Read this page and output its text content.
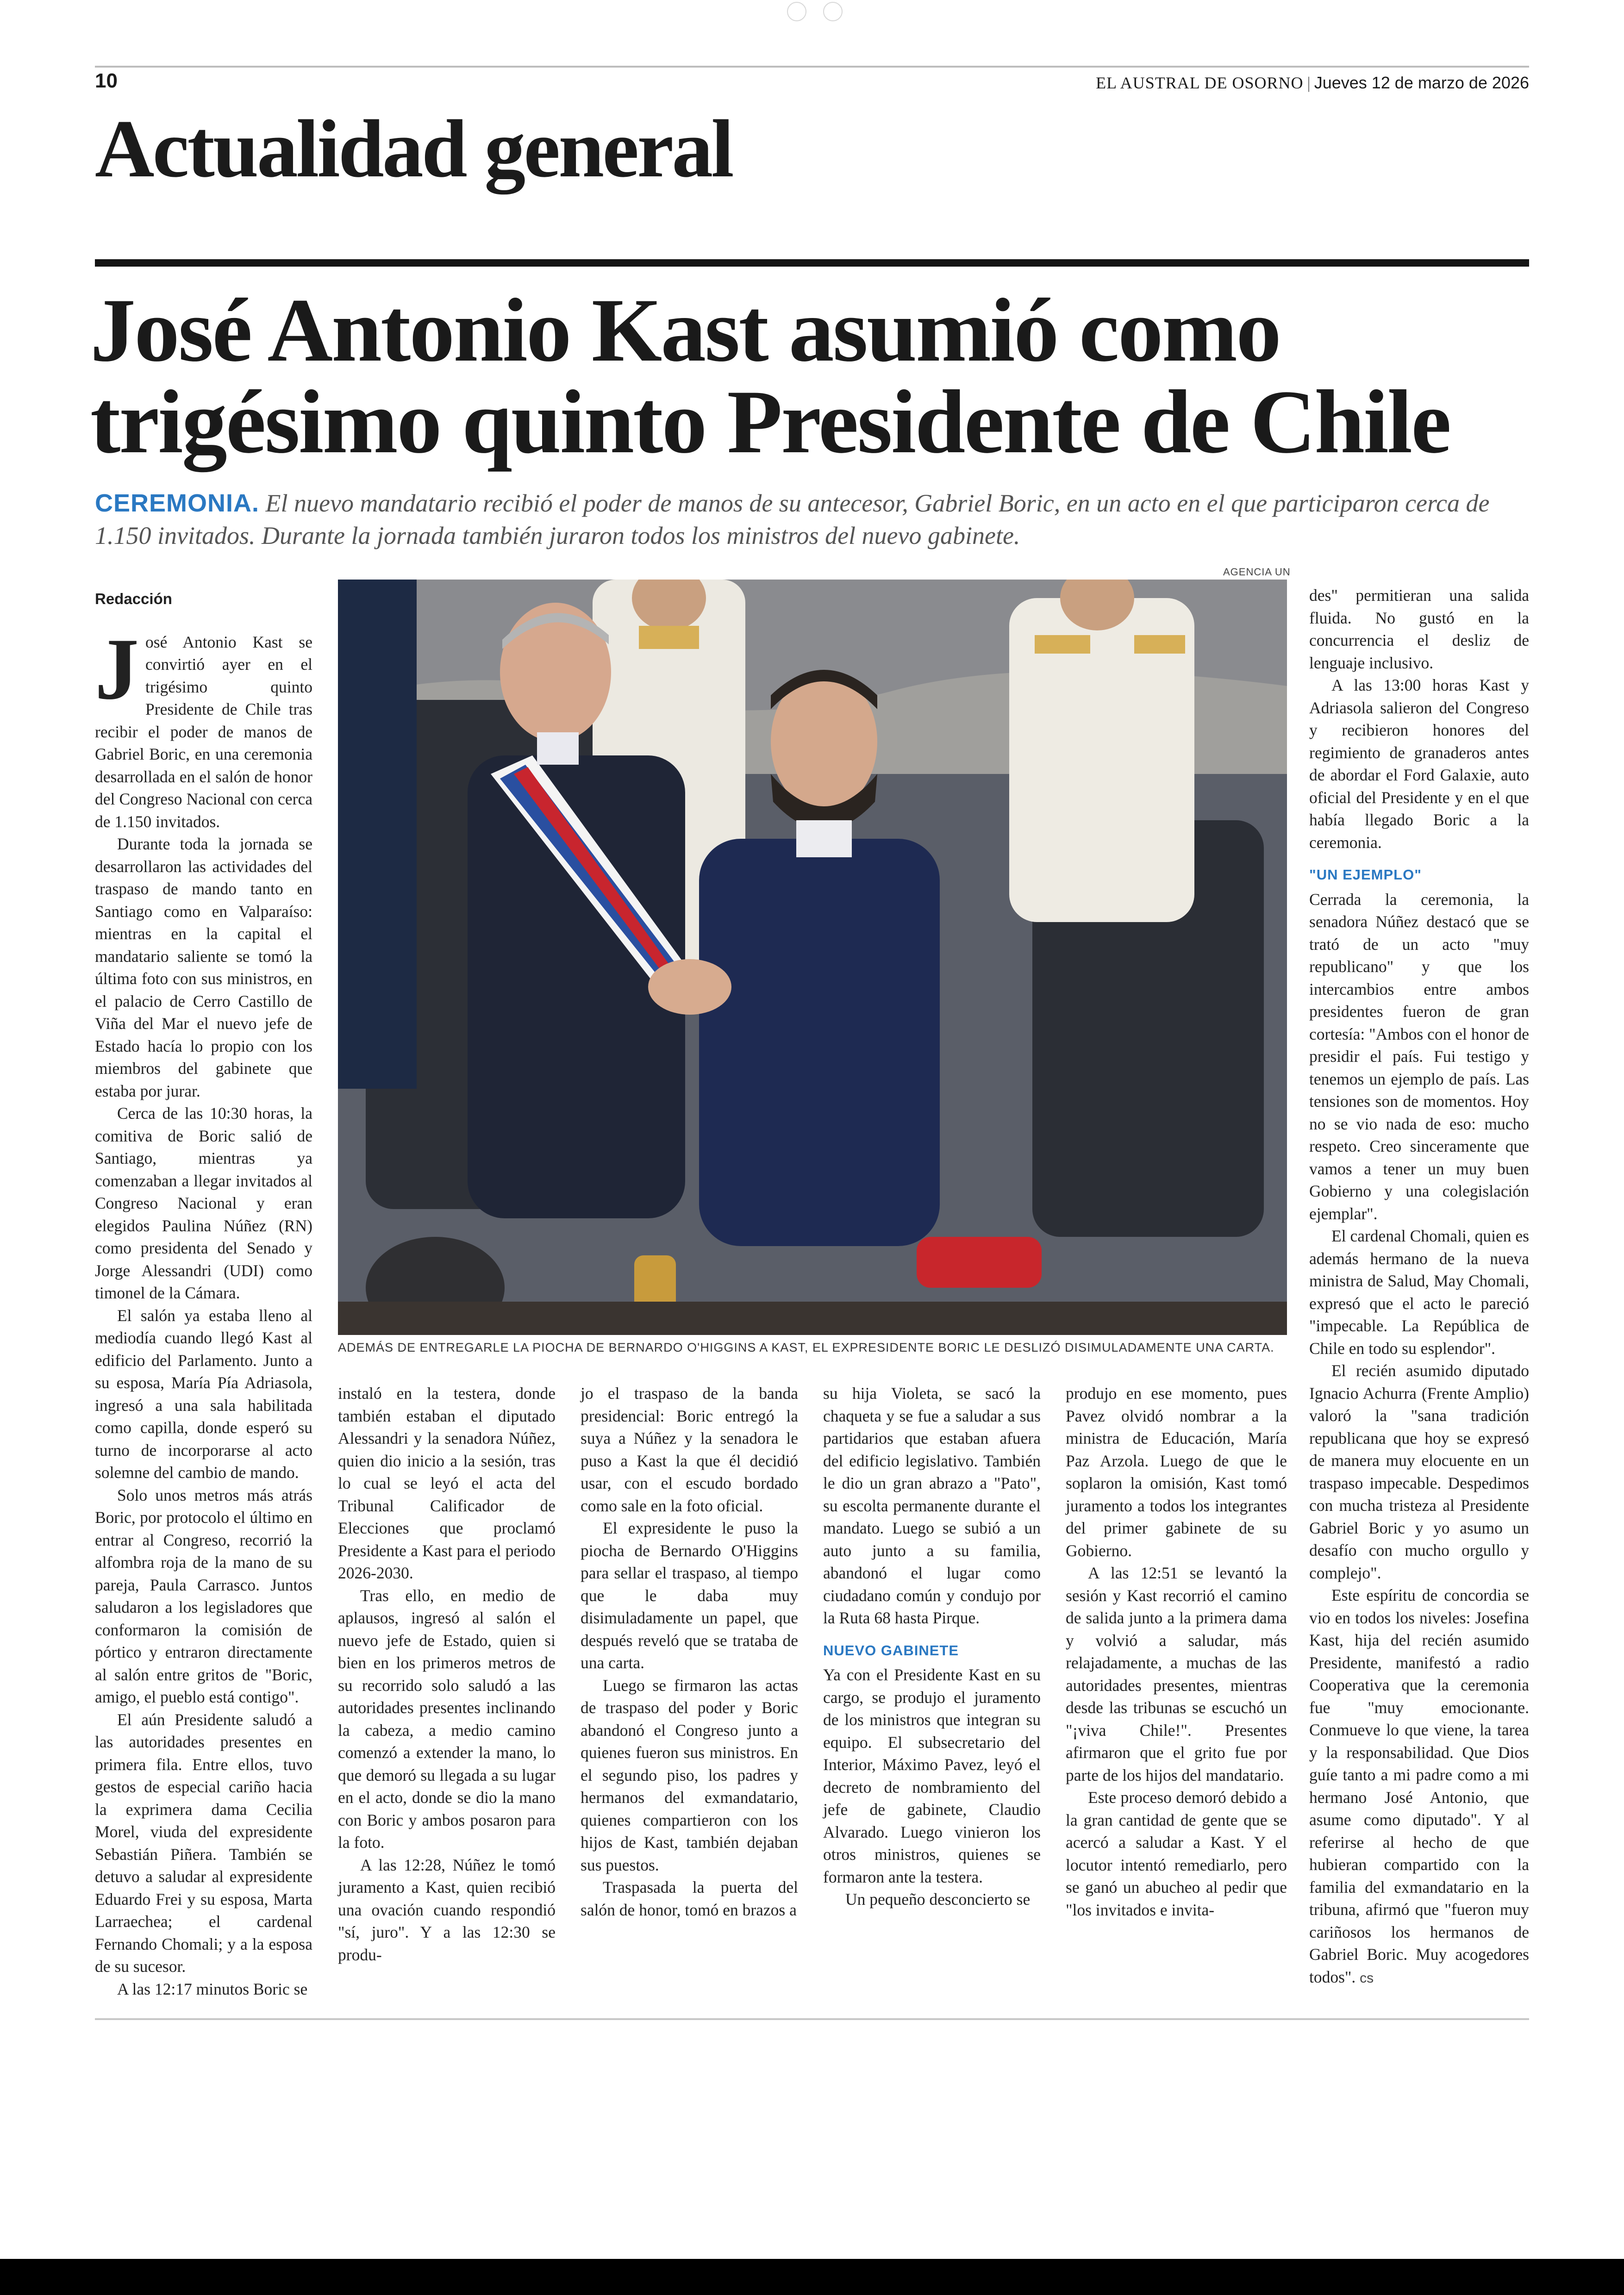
10	EL AUSTRAL DE OSORNO | Jueves 12 de marzo de 2026
Actualidad general
José Antonio Kast asumió como trigésimo quinto Presidente de Chile

CEREMONIA. El nuevo mandatario recibió el poder de manos de su antecesor, Gabriel Boric, en un acto en el que participaron cerca de 1.150 invitados. Durante la jornada también juraron todos los ministros del nuevo gabinete.

AGENCIA UN
ADEMÁS DE ENTREGARLE LA PIOCHA DE BERNARDO O'HIGGINS A KAST, EL EXPRESIDENTE BORIC LE DESLIZÓ DISIMULADAMENTE UNA CARTA.
Redacción

José Antonio Kast se convirtió ayer en el trigésimo quinto Presidente de Chile tras recibir el poder de manos de Gabriel Boric, en una ceremonia desarrollada en el salón de honor del Congreso Nacional con cerca de 1.150 invitados.

Durante toda la jornada se desarrollaron las actividades del traspaso de mando tanto en Santiago como en Valparaíso: mientras en la capital el mandatario saliente se tomó la última foto con sus ministros, en el palacio de Cerro Castillo de Viña del Mar el nuevo jefe de Estado hacía lo propio con los miembros del gabinete que estaba por jurar.

Cerca de las 10:30 horas, la comitiva de Boric salió de Santiago, mientras ya comenzaban a llegar invitados al Congreso Nacional y eran elegidos Paulina Núñez (RN) como presidenta del Senado y Jorge Alessandri (UDI) como timonel de la Cámara.

El salón ya estaba lleno al mediodía cuando llegó Kast al edificio del Parlamento. Junto a su esposa, María Pía Adriasola, ingresó a una sala habilitada como capilla, donde esperó su turno de incorporarse al acto solemne del cambio de mando.

Solo unos metros más atrás Boric, por protocolo el último en entrar al Congreso, recorrió la alfombra roja de la mano de su pareja, Paula Carrasco. Juntos saludaron a los legisladores que conformaron la comisión de pórtico y entraron directamente al salón entre gritos de "Boric, amigo, el pueblo está contigo".

El aún Presidente saludó a las autoridades presentes en primera fila. Entre ellos, tuvo gestos de especial cariño hacia la exprimera dama Cecilia Morel, viuda del expresidente Sebastián Piñera. También se detuvo a saludar al expresidente Eduardo Frei y su esposa, Marta Larraechea; el cardenal Fernando Chomali; y a la esposa de su sucesor.

A las 12:17 minutos Boric se

instaló en la testera, donde también estaban el diputado Alessandri y la senadora Núñez, quien dio inicio a la sesión, tras lo cual se leyó el acta del Tribunal Calificador de Elecciones que proclamó Presidente a Kast para el periodo 2026-2030.

Tras ello, en medio de aplausos, ingresó al salón el nuevo jefe de Estado, quien si bien en los primeros metros de su recorrido solo saludó a las autoridades presentes inclinando la cabeza, a medio camino comenzó a extender la mano, lo que demoró su llegada a su lugar en el acto, donde se dio la mano con Boric y ambos posaron para la foto.

A las 12:28, Núñez le tomó juramento a Kast, quien recibió una ovación cuando respondió "sí, juro". Y a las 12:30 se produ-

jo el traspaso de la banda presidencial: Boric entregó la suya a Núñez y la senadora le puso a Kast la que él decidió usar, con el escudo bordado como sale en la foto oficial.

El expresidente le puso la piocha de Bernardo O'Higgins para sellar el traspaso, al tiempo que le daba muy disimuladamente un papel, que después reveló que se trataba de una carta.

Luego se firmaron las actas de traspaso del poder y Boric abandonó el Congreso junto a quienes fueron sus ministros. En el segundo piso, los padres y hermanos del exmandatario, quienes compartieron con los hijos de Kast, también dejaban sus puestos.

Traspasada la puerta del salón de honor, tomó en brazos a

su hija Violeta, se sacó la chaqueta y se fue a saludar a sus partidarios que estaban afuera del edificio legislativo. También le dio un gran abrazo a "Pato", su escolta permanente durante el mandato. Luego se subió a un auto junto a su familia, abandonó el lugar como ciudadano común y condujo por la Ruta 68 hasta Pirque.

NUEVO GABINETE

Ya con el Presidente Kast en su cargo, se produjo el juramento de los ministros que integran su equipo. El subsecretario del Interior, Máximo Pavez, leyó el decreto de nombramiento del jefe de gabinete, Claudio Alvarado. Luego vinieron los otros ministros, quienes se formaron ante la testera.

Un pequeño desconcierto se

produjo en ese momento, pues Pavez olvidó nombrar a la ministra de Educación, María Paz Arzola. Luego de que le soplaron la omisión, Kast tomó juramento a todos los integrantes del primer gabinete de su Gobierno.

A las 12:51 se levantó la sesión y Kast recorrió el camino de salida junto a la primera dama y volvió a saludar, más relajadamente, a muchas de las autoridades presentes, mientras desde las tribunas se escuchó un "¡viva Chile!". Presentes afirmaron que el grito fue por parte de los hijos del mandatario.

Este proceso demoró debido a la gran cantidad de gente que se acercó a saludar a Kast. Y el locutor intentó remediarlo, pero se ganó un abucheo al pedir que "los invitados e invita-

des" permitieran una salida fluida. No gustó en la concurrencia el desliz de lenguaje inclusivo.

A las 13:00 horas Kast y Adriasola salieron del Congreso y recibieron honores del regimiento de granaderos antes de abordar el Ford Galaxie, auto oficial del Presidente y en el que había llegado Boric a la ceremonia.

"UN EJEMPLO"

Cerrada la ceremonia, la senadora Núñez destacó que se trató de un acto "muy republicano" y que los intercambios entre ambos presidentes fueron de gran cortesía: "Ambos con el honor de presidir el país. Fui testigo y tenemos un ejemplo de país. Las tensiones son de momentos. Hoy no se vio nada de eso: mucho respeto. Creo sinceramente que vamos a tener un muy buen Gobierno y una colegislación ejemplar".

El cardenal Chomali, quien es además hermano de la nueva ministra de Salud, May Chomali, expresó que el acto le pareció "impecable. La República de Chile en todo su esplendor".

El recién asumido diputado Ignacio Achurra (Frente Amplio) valoró la "sana tradición republicana que hoy se expresó de manera muy elocuente en un traspaso impecable. Despedimos con mucha tristeza al Presidente Gabriel Boric y yo asumo un desafío con mucho orgullo y complejo".

Este espíritu de concordia se vio en todos los niveles: Josefina Kast, hija del recién asumido Presidente, manifestó a radio Cooperativa que la ceremonia fue "muy emocionante. Conmueve lo que viene, la tarea y la responsabilidad. Que Dios guíe tanto a mi padre como a mi hermano José Antonio, que asume como diputado". Y al referirse al hecho de que hubieran compartido con la familia del exmandatario en la tribuna, afirmó que "fueron muy cariñosos los hermanos de Gabriel Boric. Muy acogedores todos". cs
